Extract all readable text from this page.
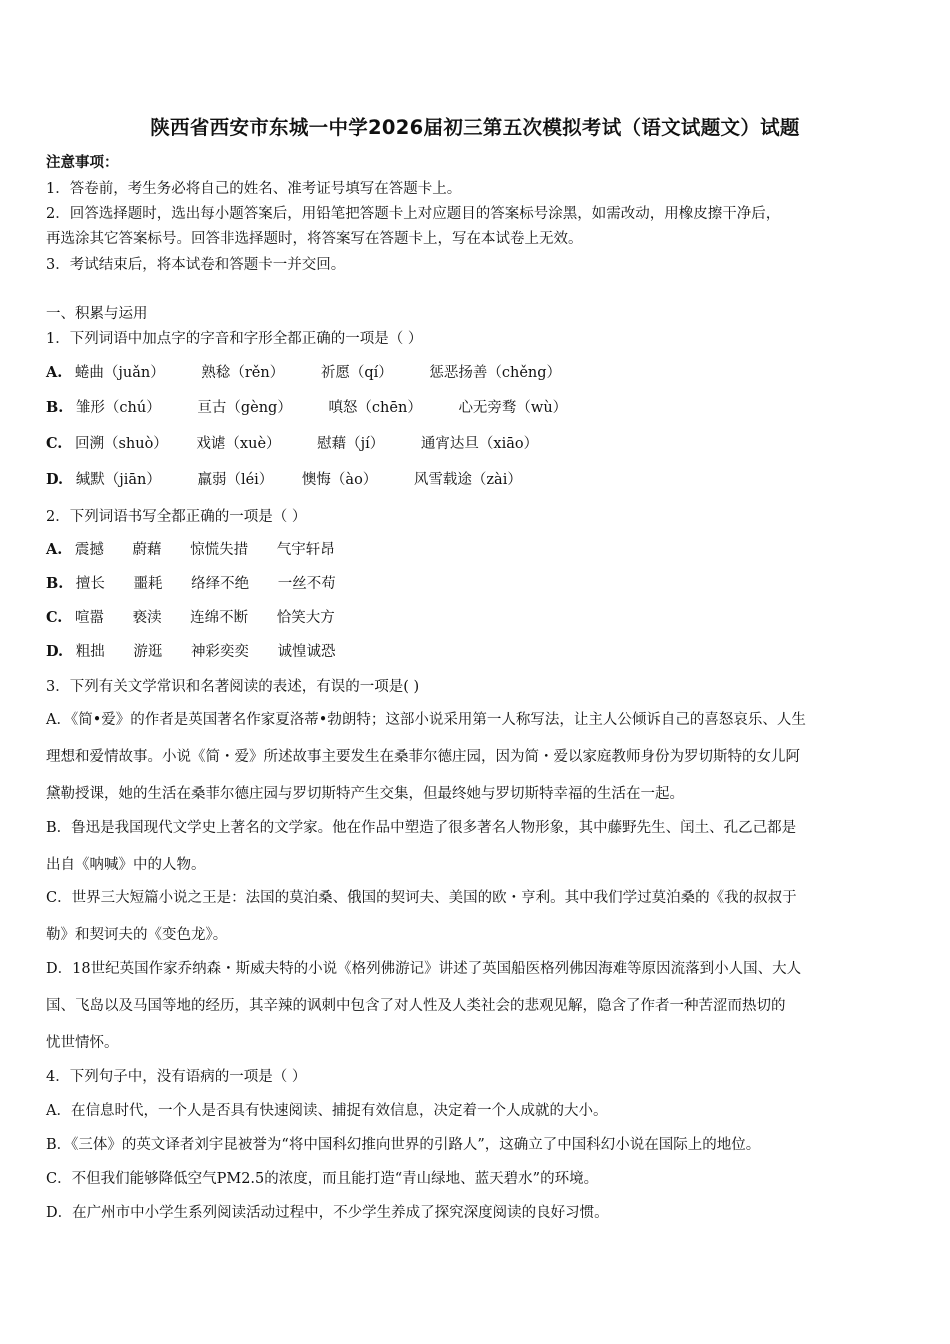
陕西省西安市东城一中学2026届初三第五次模拟考试（语文试题文）试题
注意事项：
1．答卷前，考生务必将自己的姓名、准考证号填写在答题卡上。
2．回答选择题时，选出每小题答案后，用铅笔把答题卡上对应题目的答案标号涂黑，如需改动，用橡皮擦干净后，
再选涂其它答案标号。回答非选择题时，将答案写在答题卡上，写在本试卷上无效。
3．考试结束后，将本试卷和答题卡一并交回。
一、积累与运用
1．下列词语中加点字的字音和字形全都正确的一项是（ ）
A. 蜷曲（juǎn）	熟稔（rěn）	祈愿（qí）	惩恶扬善（chěng）
B. 雏形（chú）	亘古（gèng）	嗔怒（chēn）	心无旁骛（wù）
C. 回溯（shuò） 戏谑（xuè）	慰藉（jí）	通宵达旦（xiāo）
D. 缄默（jiān）	羸弱（léi） 懊悔（ào）	风雪载途（zài）
2．下列词语书写全都正确的一项是（ ）
A. 震撼 蔚藉 惊慌失措 气宇轩昂
B. 擅长 噩耗 络绎不绝 一丝不苟
C. 喧嚣 亵渎 连绵不断 恰笑大方
D. 粗拙 游逛 神彩奕奕 诚惶诚恐
3．下列有关文学常识和名著阅读的表述，有误的一项是( )
A．《简•爱》的作者是英国著名作家夏洛蒂•勃朗特；这部小说采用第一人称写法，让主人公倾诉自己的喜怒哀乐、人生
理想和爱情故事。小说《简・爱》所述故事主要发生在桑菲尔德庄园，因为简・爱以家庭教师身份为罗切斯特的女儿阿
黛勒授课，她的生活在桑菲尔德庄园与罗切斯特产生交集，但最终她与罗切斯特幸福的生活在一起。
B．鲁迅是我国现代文学史上著名的文学家。他在作品中塑造了很多著名人物形象，其中藤野先生、闰土、孔乙己都是
出自《呐喊》中的人物。
C．世界三大短篇小说之王是：法国的莫泊桑、俄国的契诃夫、美国的欧・亨利。其中我们学过莫泊桑的《我的叔叔于
勒》和契诃夫的《变色龙》。
D．18世纪英国作家乔纳森・斯威夫特的小说《格列佛游记》讲述了英国船医格列佛因海难等原因流落到小人国、大人
国、飞岛以及马国等地的经历，其辛辣的讽刺中包含了对人性及人类社会的悲观见解，隐含了作者一种苦涩而热切的
忧世情怀。
4．下列句子中，没有语病的一项是（ ）
A．在信息时代，一个人是否具有快速阅读、捕捉有效信息，决定着一个人成就的大小。
B．《三体》的英文译者刘宇昆被誉为“将中国科幻推向世界的引路人”，这确立了中国科幻小说在国际上的地位。
C．不但我们能够降低空气PM2.5的浓度，而且能打造“青山绿地、蓝天碧水”的环境。
D．在广州市中小学生系列阅读活动过程中，不少学生养成了探究深度阅读的良好习惯。
